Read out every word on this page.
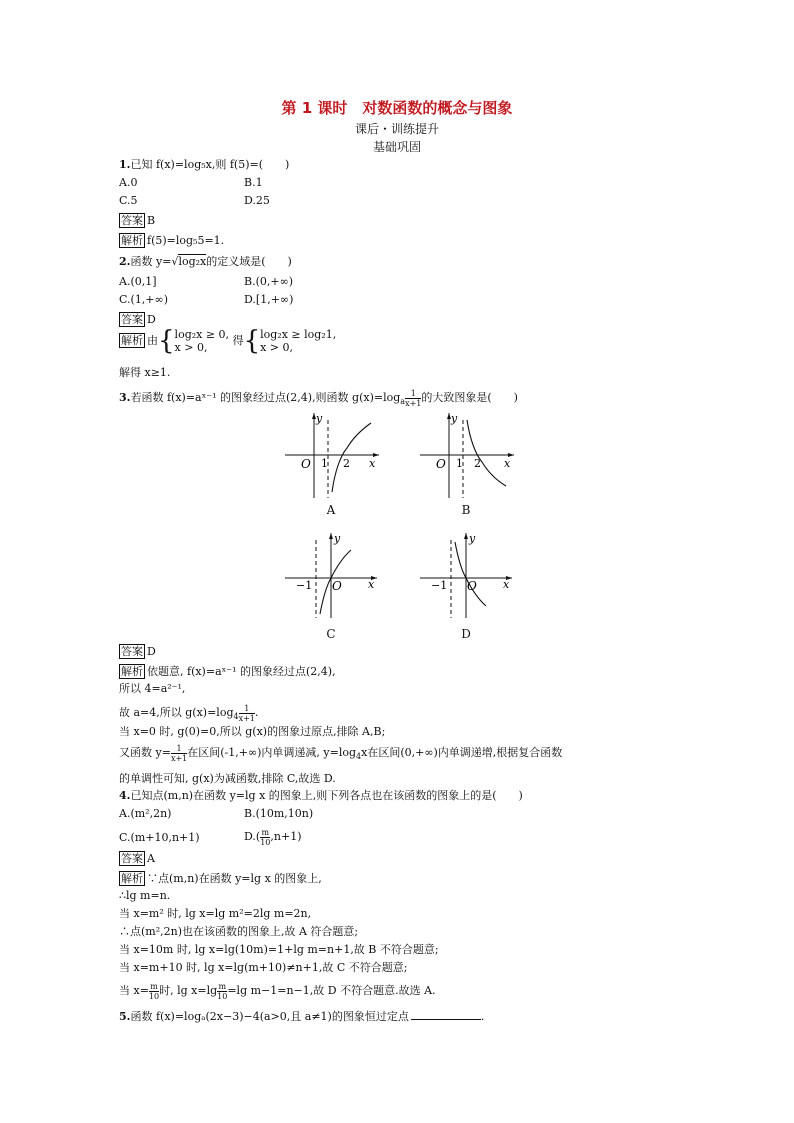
第 1 课时　对数函数的概念与图象
课后・训练提升
基础巩固
1.已知 f(x)=log₅x,则 f(5)=(　　)
A.0	B.1
C.5	D.25
答案 B
解析 f(5)=log₅5=1.
2.函数 y=√log₂x的定义域是(　　)
A.(0,1]	B.(0,+∞)
C.(1,+∞)	D.[1,+∞)
答案 D
解析 由{log₂x ≥ 0,
x > 0, 得{log₂x ≥ log₂1,
x > 0,
解得 x≥1.
3.若函数 f(x)=aˣ⁻¹ 的图象经过点(2,4),则函数 $g(x)=\log_a \frac{1}{x+1}$ 的大致图象是(　　)
y
O 1 2 x
A
y
O 1 2 x
B
y
−1 O x
C
y
−1 O x
D
答案 D
解析 依题意, f(x)=aˣ⁻¹ 的图象经过点(2,4),
所以 4=a²⁻¹,
故 a=4,所以 $g(x)=\log_4 \frac{1}{x+1}$ .
当 x=0 时, g(0)=0,所以 g(x)的图象过原点,排除 A,B;
又函数 $y= \frac{1}{x+1}$ 在区间(-1,+∞)内单调递减, $y=\log_4x$在区间(0,+∞)内单调递增,根据复合函数
的单调性可知, g(x)为减函数,排除 C,故选 D.
4.已知点(m,n)在函数 y=lg x 的图象上,则下列各点也在该函数的图象上的是(　　)
A.(m²,2n)	B.(10m,10n)
C.(m+10,n+1)	$D.( \frac{m}{10} ,n+1)$
答案 A
解析 ∵点(m,n)在函数 y=lg x 的图象上,
∴lg m=n.
当 x=m² 时, lg x=lg m²=2lg m=2n,
∴点(m²,2n)也在该函数的图象上,故 A 符合题意;
当 x=10m 时, lg x=lg(10m)=1+lg m=n+1,故 B 不符合题意;
当 x=m+10 时, lg x=lg(m+10)≠n+1,故 C 不符合题意;
当 $x= \frac{m}{10}$ 时, $\lg x=\lg \frac{m}{10} =\lg$ m−1=n−1,故 D 不符合题意.故选 A.
5.函数 f(x)=logₐ(2x−3)−4(a>0,且 a≠1)的图象恒过定点	.
